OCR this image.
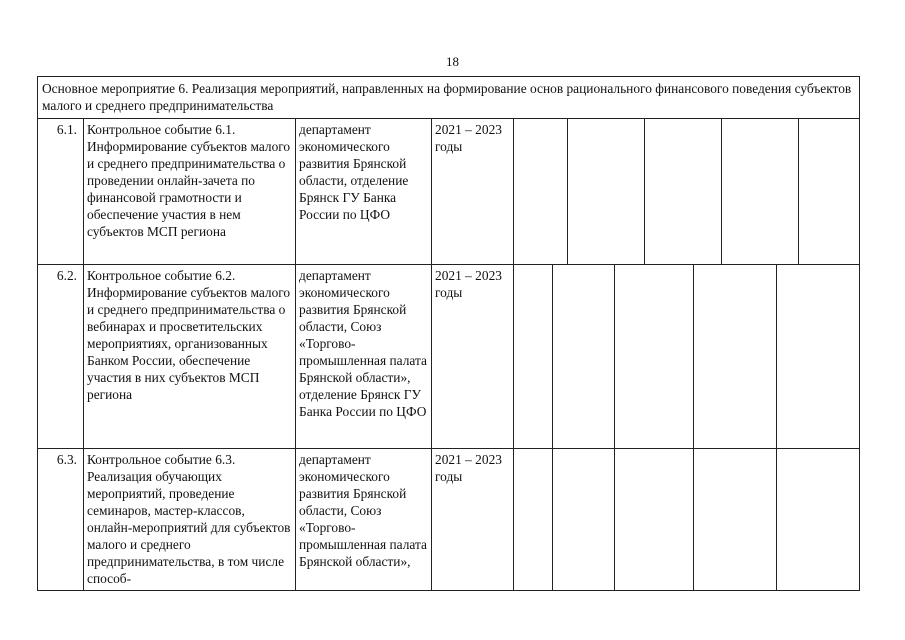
18
Основное мероприятие 6. Реализация мероприятий, направленных на формирование основ рационального финансового поведения субъектов малого и среднего предпринимательства
6.1.	Контрольное событие 6.1. Информирование субъектов малого и среднего предпринимательства о проведении онлайн-зачета по финансовой грамотности и обеспечение участия в нем субъектов МСП региона	департамент экономического развития Брянской области, отделение Брянск ГУ Банка России по ЦФО	2021 – 2023 годы	

6.2.	Контрольное событие 6.2. Информирование субъектов малого и среднего предпринимательства о вебинарах и просветительских мероприятиях, организованных Банком России, обеспечение участия в них субъектов МСП региона	департамент экономического развития Брянской области, Союз «Торгово-промышленная палата Брянской области», отделение Брянск ГУ Банка России по ЦФО	2021 – 2023 годы	

6.3.	Контрольное событие 6.3. Реализация обучающих мероприятий, проведение семинаров, мастер-классов, онлайн-мероприятий для субъектов малого и среднего предпринимательства, в том числе способ-	департамент экономического развития Брянской области, Союз «Торгово-промышленная палата Брянской области»,	2021 – 2023 годы	
